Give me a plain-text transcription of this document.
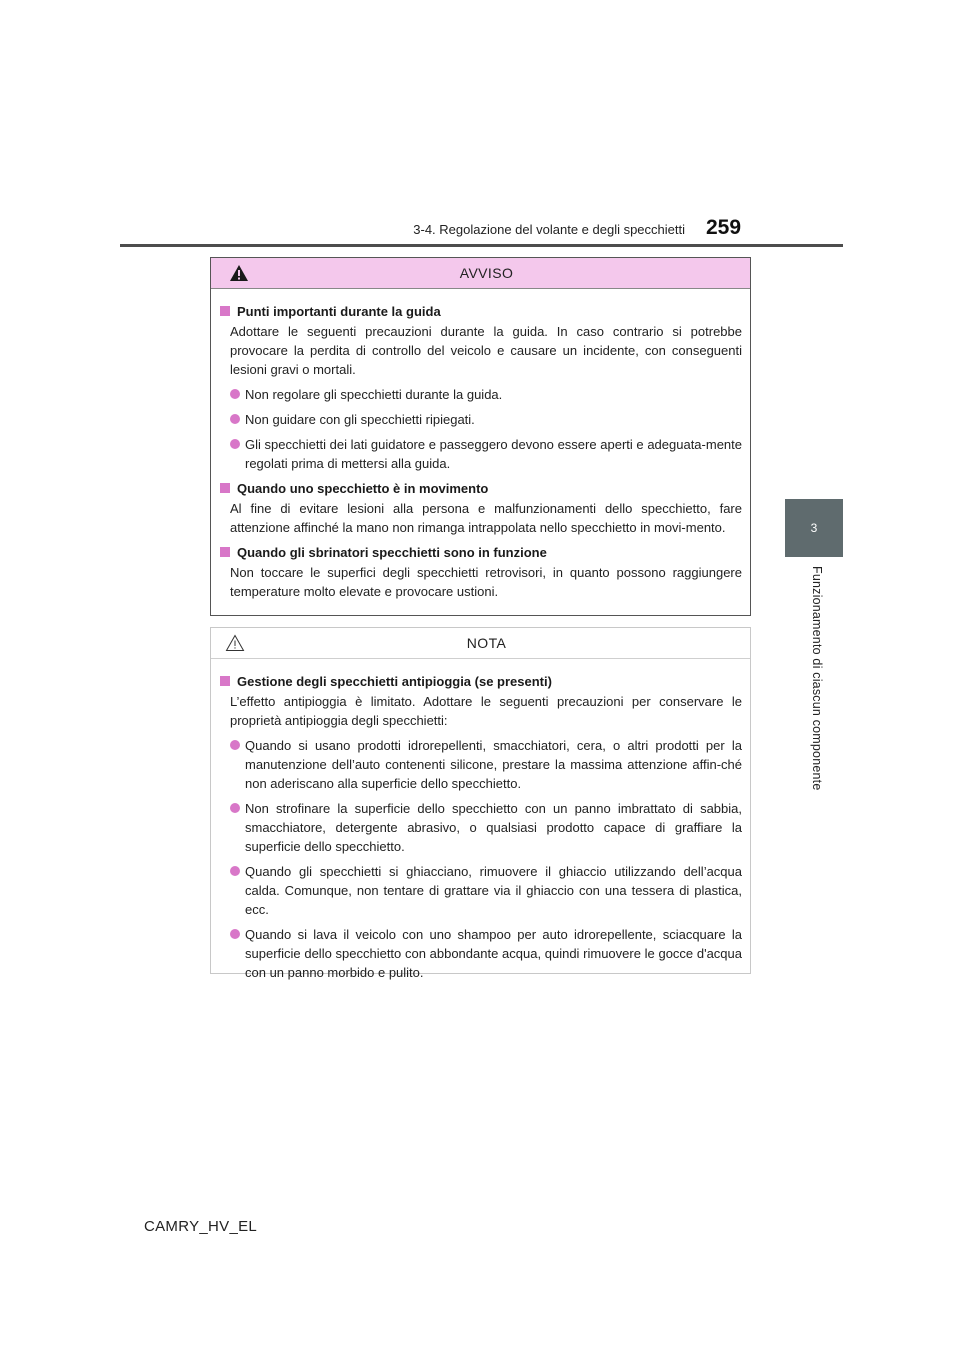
3-4. Regolazione del volante e degli specchietti 259
3
Funzionamento di ciascun componente
AVVISO
Punti importanti durante la guida
Adottare le seguenti precauzioni durante la guida. In caso contrario si potrebbe provocare la perdita di controllo del veicolo e causare un incidente, con conseguenti lesioni gravi o mortali.
Non regolare gli specchietti durante la guida.
Non guidare con gli specchietti ripiegati.
Gli specchietti dei lati guidatore e passeggero devono essere aperti e adeguata-mente regolati prima di mettersi alla guida.
Quando uno specchietto è in movimento
Al fine di evitare lesioni alla persona e malfunzionamenti dello specchietto, fare attenzione affinché la mano non rimanga intrappolata nello specchietto in movi-mento.
Quando gli sbrinatori specchietti sono in funzione
Non toccare le superfici degli specchietti retrovisori, in quanto possono raggiungere temperature molto elevate e provocare ustioni.
NOTA
Gestione degli specchietti antipioggia (se presenti)
L’effetto antipioggia è limitato. Adottare le seguenti precauzioni per conservare le proprietà antipioggia degli specchietti:
Quando si usano prodotti idrorepellenti, smacchiatori, cera, o altri prodotti per la manutenzione dell’auto contenenti silicone, prestare la massima attenzione affin-ché non aderiscano alla superficie dello specchietto.
Non strofinare la superficie dello specchietto con un panno imbrattato di sabbia, smacchiatore, detergente abrasivo, o qualsiasi prodotto capace di graffiare la superficie dello specchietto.
Quando gli specchietti si ghiacciano, rimuovere il ghiaccio utilizzando dell’acqua calda. Comunque, non tentare di grattare via il ghiaccio con una tessera di plastica, ecc.
Quando si lava il veicolo con uno shampoo per auto idrorepellente, sciacquare la superficie dello specchietto con abbondante acqua, quindi rimuovere le gocce d'acqua con un panno morbido e pulito.
CAMRY_HV_EL
